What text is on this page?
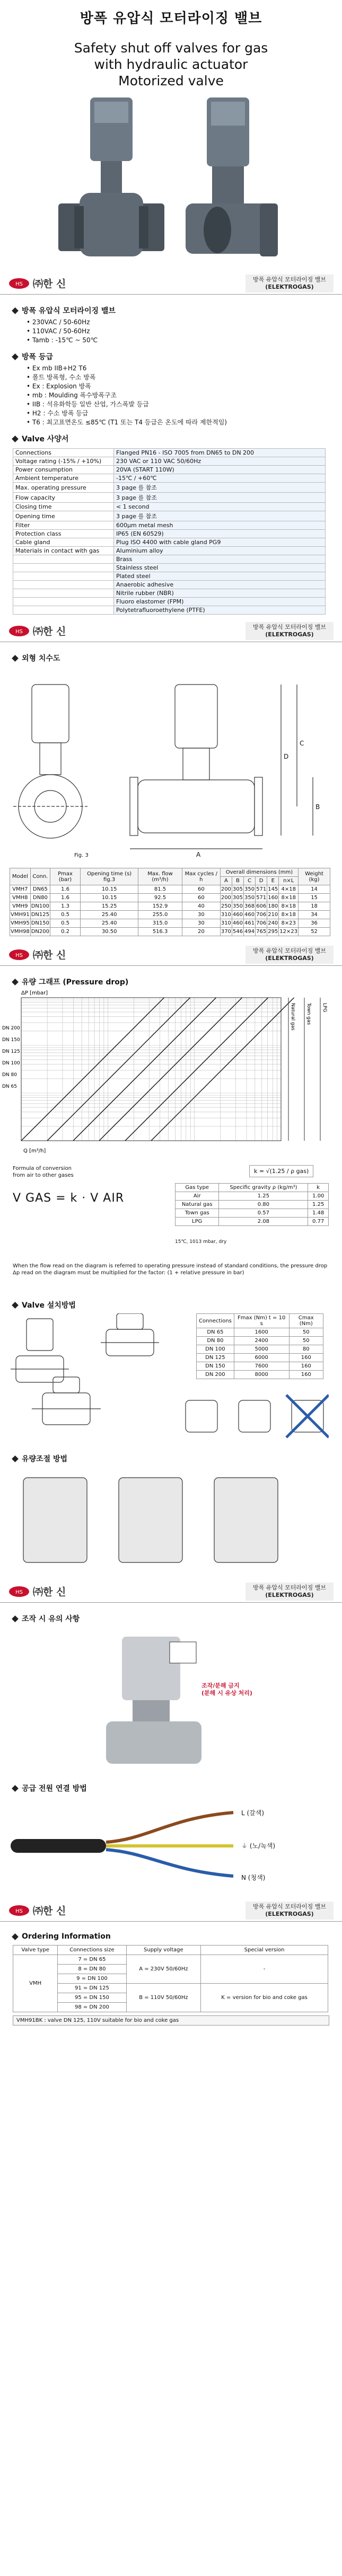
방폭 유압식 모터라이징 밸브
Safety shut off valves for gas
with hydraulic actuator
Motorized valve
HS ㈜한 신	방폭 유압식 모터라이징 밸브
(ELEKTROGAS)
방폭 유압식 모터라이징 밸브
• 230VAC / 50-60Hz
• 110VAC / 50-60Hz
• Tamb : -15℃ ~ 50℃
방폭 등급
• Ex mb IIB+H2 T6
• 폴트 방폭형, 수소 방폭
• Ex : Explosion 방폭
• mb : Moulding 폭수방폭구조
• IIB : 석유화학등 일반 산업, 가스폭발 등급
• H2 : 수소 방폭 등급
• T6 : 최고표면온도 ≤85℃ (T1 또는 T4 등급은 온도에 따라 제한적임)
Valve 사양서
Connections	Flanged PN16 - ISO 7005 from DN65 to DN 200
Voltage rating (-15% / +10%)	230 VAC or 110 VAC 50/60Hz
Power consumption	20VA (START 110W)
Ambient temperature	-15℃ / +60℃
Max. operating pressure	3 page 를 참조
Flow capacity	3 page 를 참조
Closing time	< 1 second
Opening time	3 page 를 참조
Filter	600μm metal mesh
Protection class	IP65 (EN 60529)
Cable gland	Plug ISO 4400 with cable gland PG9
Materials in contact with gas	Aluminium alloy
	Brass
	Stainless steel
	Plated steel
	Anaerobic adhesive
	Nitrile rubber (NBR)
	Fluoro elastomer (FPM)
	Polytetrafluoroethylene (PTFE)
HS ㈜한 신	방폭 유압식 모터라이징 밸브
(ELEKTROGAS)
외형 치수도
A
D
C
B
Fig. 3
Model	Conn.	Pmax (bar)	Opening time (s) fig.3	Max. flow (m³/h)	Max cycles / h	Overall dimensions (mm)						Weight (kg)
						A	B	C	D	E	n×L	
VMH7	DN65	1.6	10.15	81.5	60	200	305	350	571	145	4×18	14
VMH8	DN80	1.6	10.15	92.5	60	200	305	350	571	160	8×18	15
VMH9	DN100	1.3	15.25	152.9	40	250	350	368	606	180	8×18	18
VMH91	DN125	0.5	25.40	255.0	30	310	460	460	706	210	8×18	34
VMH95	DN150	0.5	25.40	315.0	30	310	460	461	706	240	8×23	36
VMH98	DN200	0.2	30.50	516.3	20	370	546	494	765	295	12×23	52
HS ㈜한 신	방폭 유압식 모터라이징 밸브
(ELEKTROGAS)
유량 그래프 (Pressure drop)
DN 200
DN 150
DN 125
DN 100
DN 80
DN 65
ΔP [mbar]
Q [m³/h]
Natural gas Town gas LPG
Formula of conversion
from air to other gases
V GAS = k · V AIR
k = √(1.25 / ρ gas)
Gas type	Specific gravity ρ (kg/m³)	k
Air	1.25	1.00
Natural gas	0.80	1.25
Town gas	0.57	1.48
LPG	2.08	0.77
15℃, 1013 mbar, dry
When the flow read on the diagram is referred to operating pressure instead of standard conditions, the pressure drop Δp read on the diagram must be multiplied for the factor: (1 + relative pressure in bar)
Valve 설치방법
Connections	Fmax (Nm) t = 10 s	Cmax (Nm)
DN 65	1600	50
DN 80	2400	50
DN 100	5000	80
DN 125	6000	160
DN 150	7600	160
DN 200	8000	160
유량조절 방법
HS ㈜한 신	방폭 유압식 모터라이징 밸브
(ELEKTROGAS)
조작 시 유의 사항
조작/분해 금지
(분해 시 유상 처리)
공급 전원 연결 방법
L (갈색)
⏚ (노/녹색)
N (청색)
HS ㈜한 신	방폭 유압식 모터라이징 밸브
(ELEKTROGAS)
Ordering Information
Valve type	Connections size	Supply voltage	Special version
VMH	7 = DN 65	A = 230V 50/60Hz	-
	8 = DN 80		
	9 = DN 100		
	91 = DN 125	B = 110V 50/60Hz	K = version for bio and coke gas
	95 = DN 150		
	98 = DN 200		
VMH91BK : valve DN 125, 110V suitable for bio and coke gas
